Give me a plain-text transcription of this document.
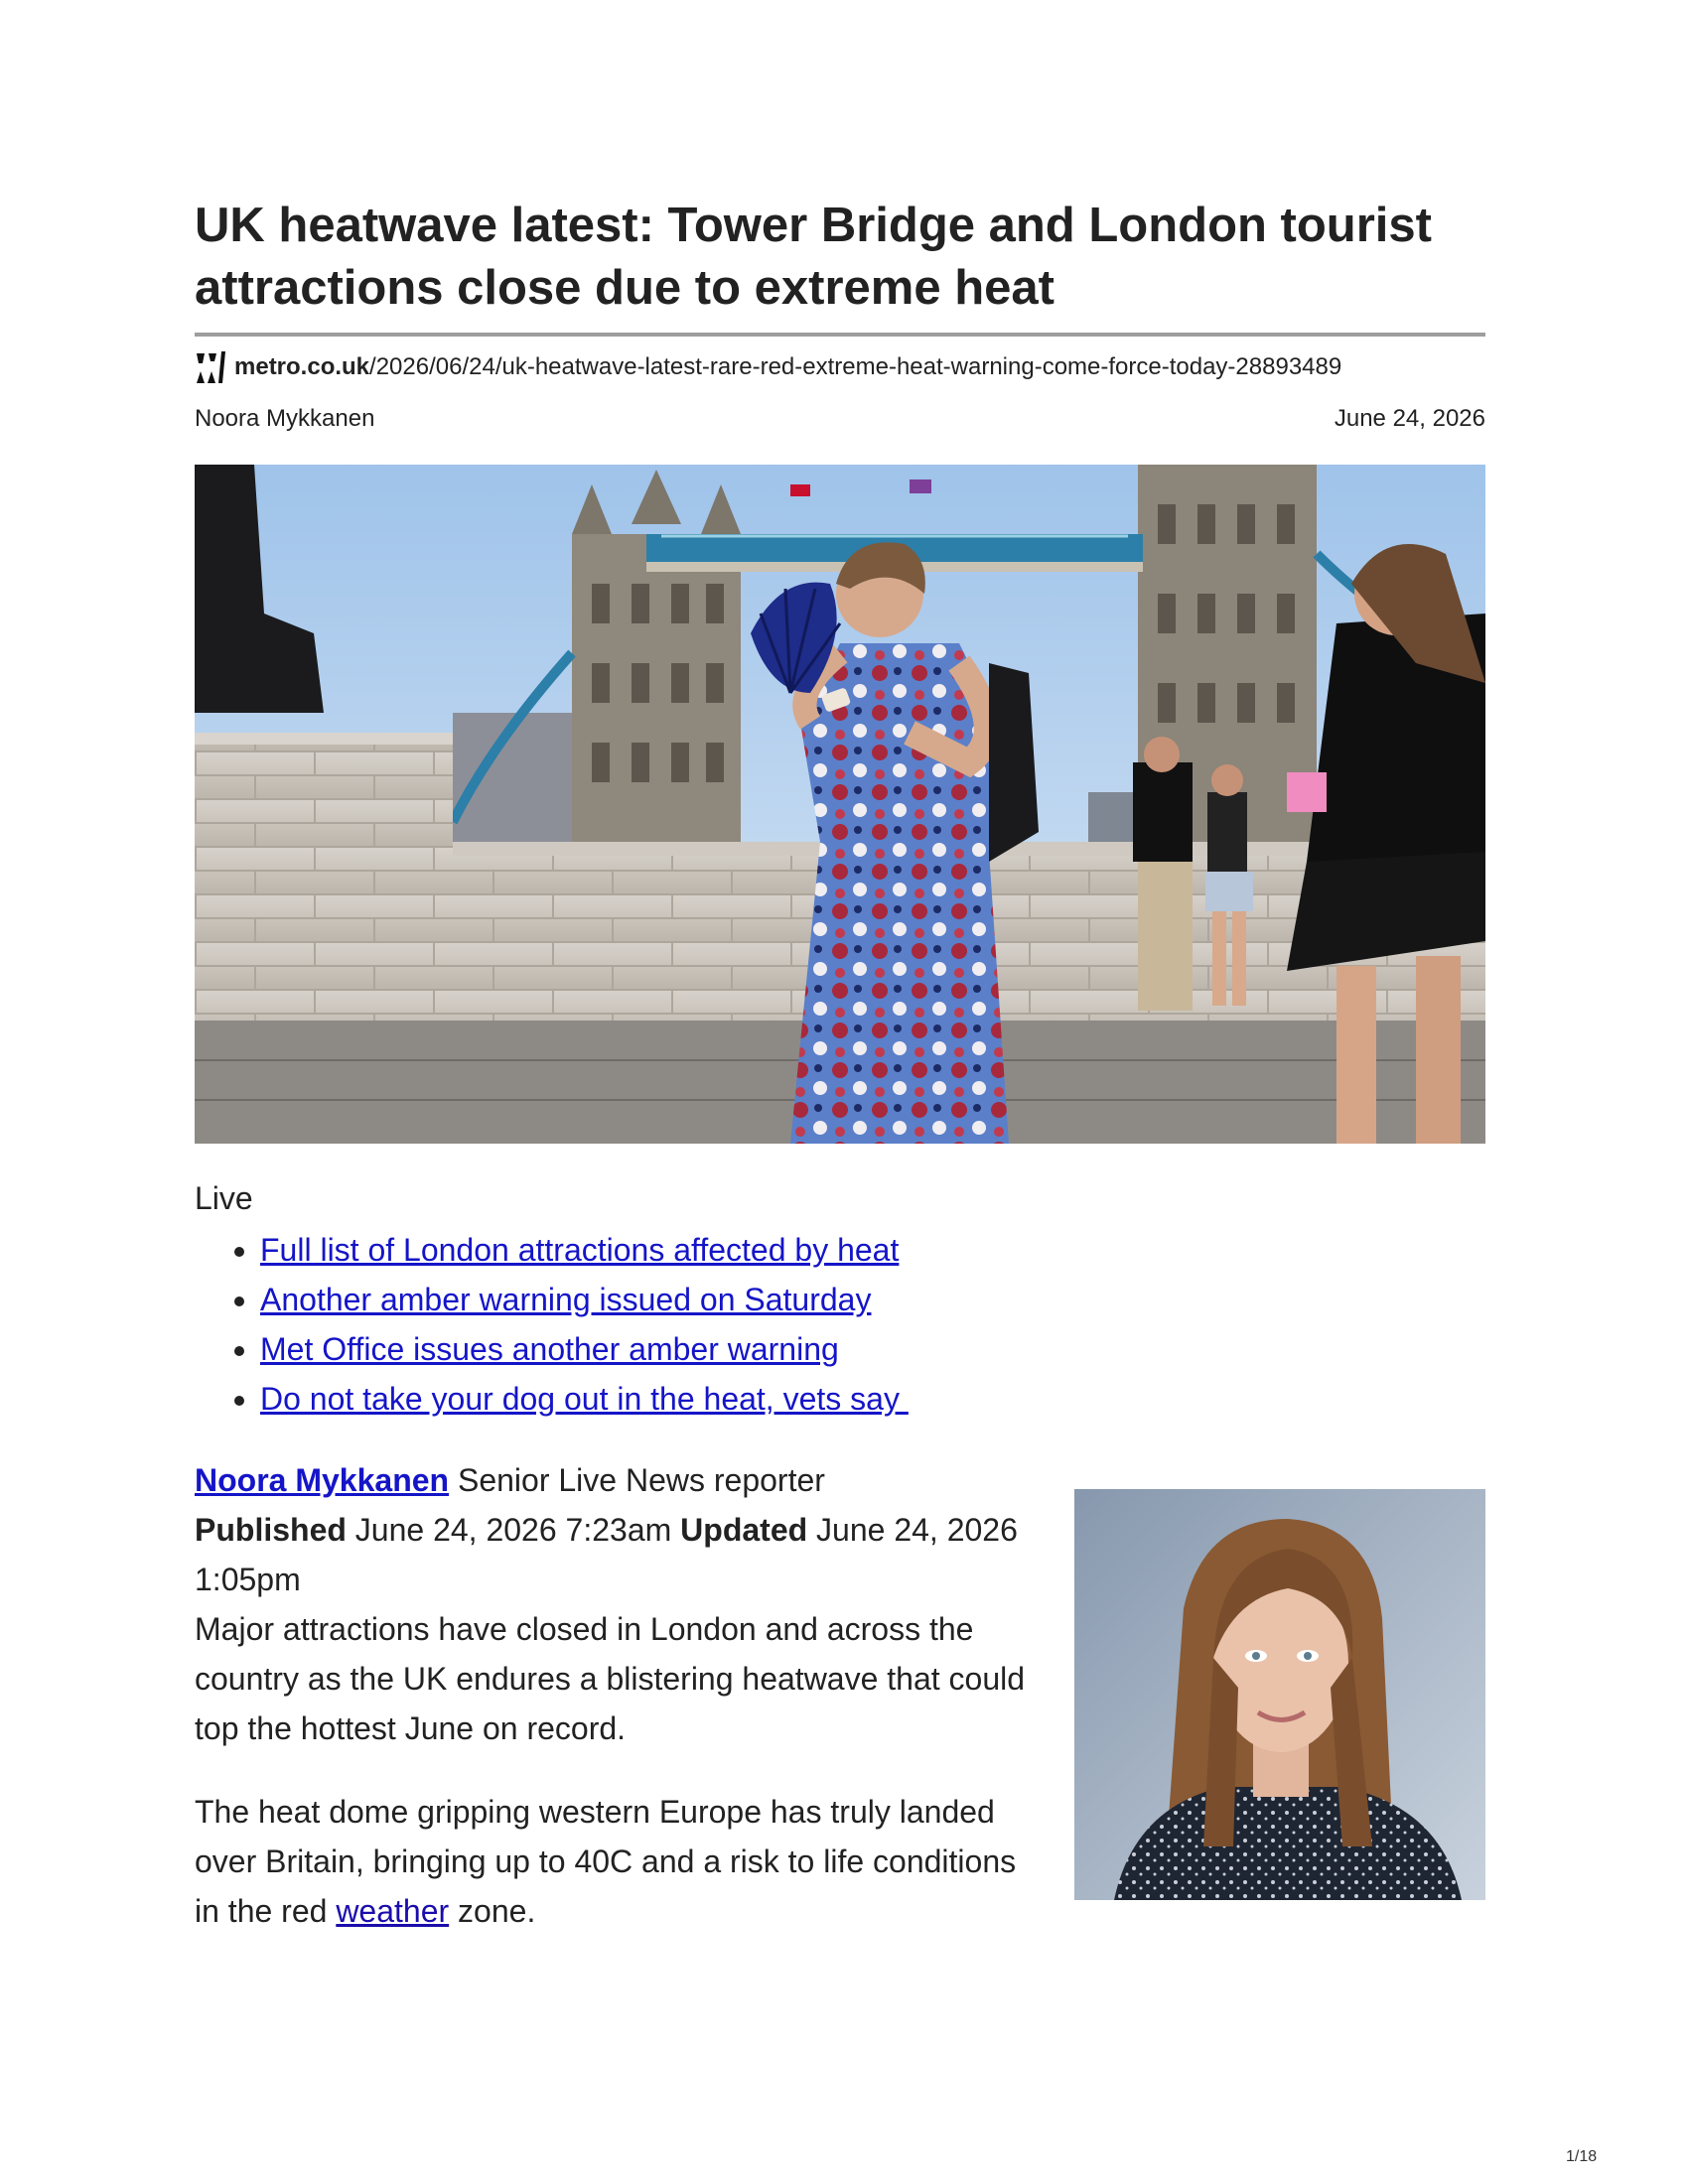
UK heatwave latest: Tower Bridge and London tourist attractions close due to extreme heat
metro.co.uk /2026/06/24/uk-heatwave-latest-rare-red-extreme-heat-warning-come-force-today-28893489
Noora Mykkanen	June 24, 2026
Live
• Full list of London attractions affected by heat
• Another amber warning issued on Saturday
• Met Office issues another amber warning
• Do not take your dog out in the heat, vets say
Noora Mykkanen Senior Live News reporter
Published June 24, 2026 7:23am Updated June 24, 2026 1:05pm

Major attractions have closed in London and across the country as the UK endures a blistering heatwave that could top the hottest June on record.

The heat dome gripping western Europe has truly landed over Britain, bringing up to 40C and a risk to life conditions in the red weather zone.

1/18
